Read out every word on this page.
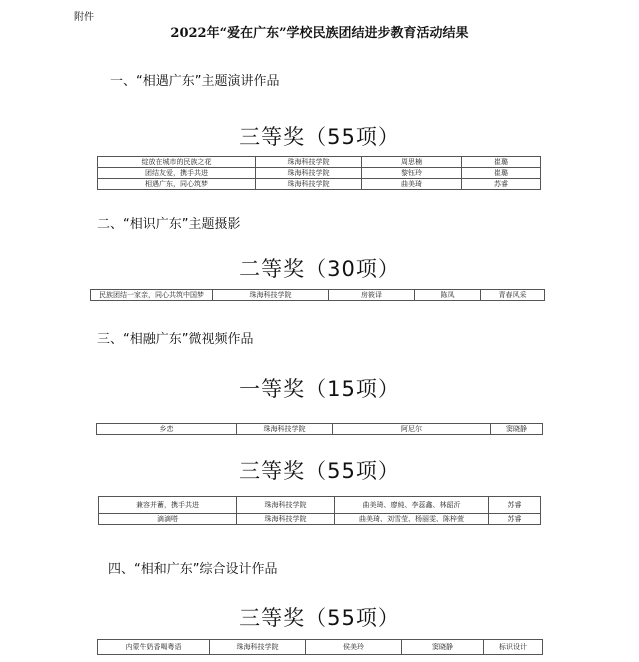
附件
2022年“爱在广东”学校民族团结进步教育活动结果
一、“相遇广东”主题演讲作品
三等奖（55项）
绽放在城市的民族之花	珠海科技学院	周思楠	崔璐
团结友爱，携手共进	珠海科技学院	黎钰玲	崔璐
相遇广东，同心筑梦	珠海科技学院	曲美琦	苏睿
二、“相识广东”主题摄影
二等奖（30项）
民族团结一家亲，同心共筑中国梦	珠海科技学院	房筱译	陈凤	青春风采
三、“相融广东”微视频作品
一等奖（15项）
乡恋	珠海科技学院	阿尼尔	窦晓静
三等奖（55项）
兼容并蓄，携手共进	珠海科技学院	曲美琦、廖純、李蕊鑫、林韶沂	苏睿
滴滴嗒	珠海科技学院	曲美琦、刘雪莹、杨丽雯、陈梓萱	苏睿
四、“相和广东”综合设计作品
三等奖（55项）
内蒙牛奶香喝粤语	珠海科技学院	侯美玲	窦晓静	标识设计
